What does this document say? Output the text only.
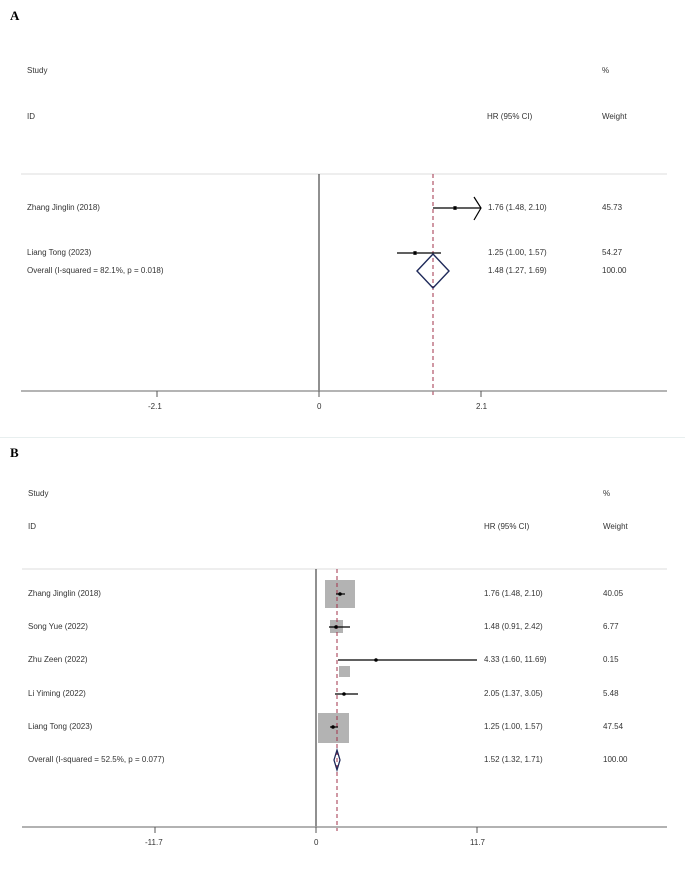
A
Study
ID	HR (95% CI)
%
Weight
Zhang Jinglin (2018)	1.76 (1.48, 2.10)	45.73
Liang Tong (2023)	1.25 (1.00, 1.57)	54.27
Overall (I-squared = 82.1%, p = 0.018)	1.48 (1.27, 1.69)	100.00
-2.1	0	2.1
B
Study
ID	HR (95% CI)
%
Weight
Zhang Jinglin (2018)	1.76 (1.48, 2.10)	40.05
Song Yue (2022)	1.48 (0.91, 2.42)	6.77
Zhu Zeen (2022)	4.33 (1.60, 11.69)	0.15
Li Yiming (2022)	2.05 (1.37, 3.05)	5.48
Liang Tong (2023)	1.25 (1.00, 1.57)	47.54
Overall (I-squared = 52.5%, p = 0.077)	1.52 (1.32, 1.71)	100.00
-11.7	0	11.7
